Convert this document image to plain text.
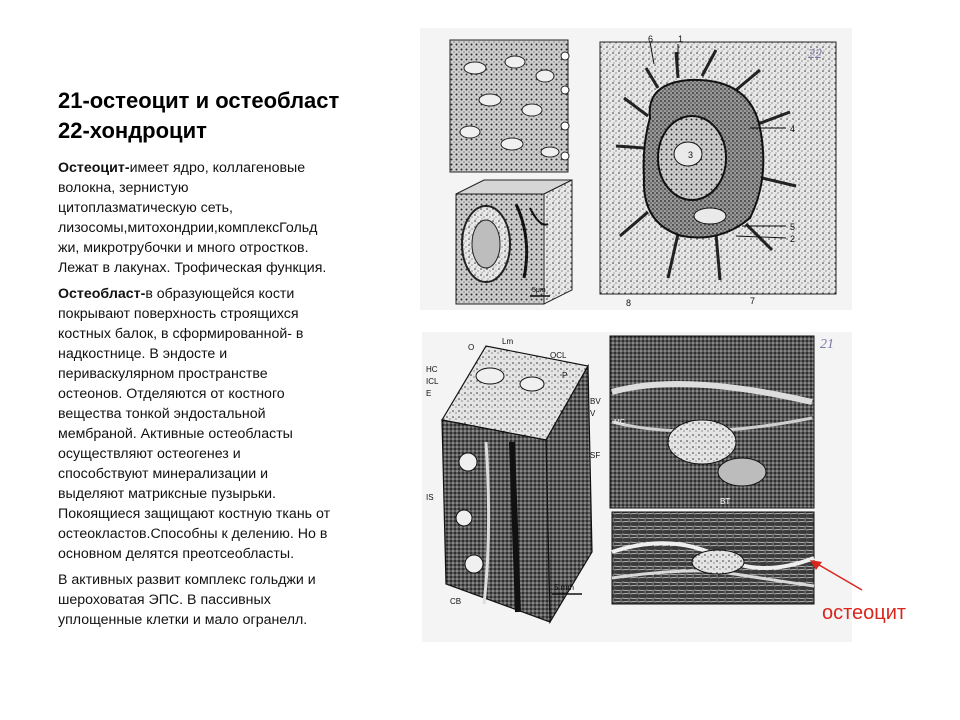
21-остеоцит и остеобласт
22-хондроцит
Остеоцит-имеет ядро, коллагеновые
волокна, зернистую
цитоплазматическую сеть,
лизосомы,митохондрии,комплексГольд
жи, микротрубочки и много отростков.
Лежат в лакунах. Трофическая функция.
Остеобласт-в образующейся кости
покрывают поверхность строящихся
костных балок, в сформированной- в
надкостнице. В эндосте и
периваскулярном пространстве
остеонов. Отделяются от костного
вещества тонкой эндостальной
мембраной. Активные остеобласты
осуществляют остеогенез и
способствуют минерализации и
выделяют матриксные пузырьки.
Покоящиеся защищают костную ткань от
остеокластов.Способны к делению. Но в
основном делятся преотсеобласты.
В активных развит комплекс гольджи и
шероховатая ЭПС. В пассивных
уплощенные клетки и мало огранелл.
5μm
4
5
2
1
6
3
7
8
22
5 mm
O
Lm
OCL
P
HC
ICL
E
BV
V
SF
IS
CB
MC
BT
21
остеоцит
